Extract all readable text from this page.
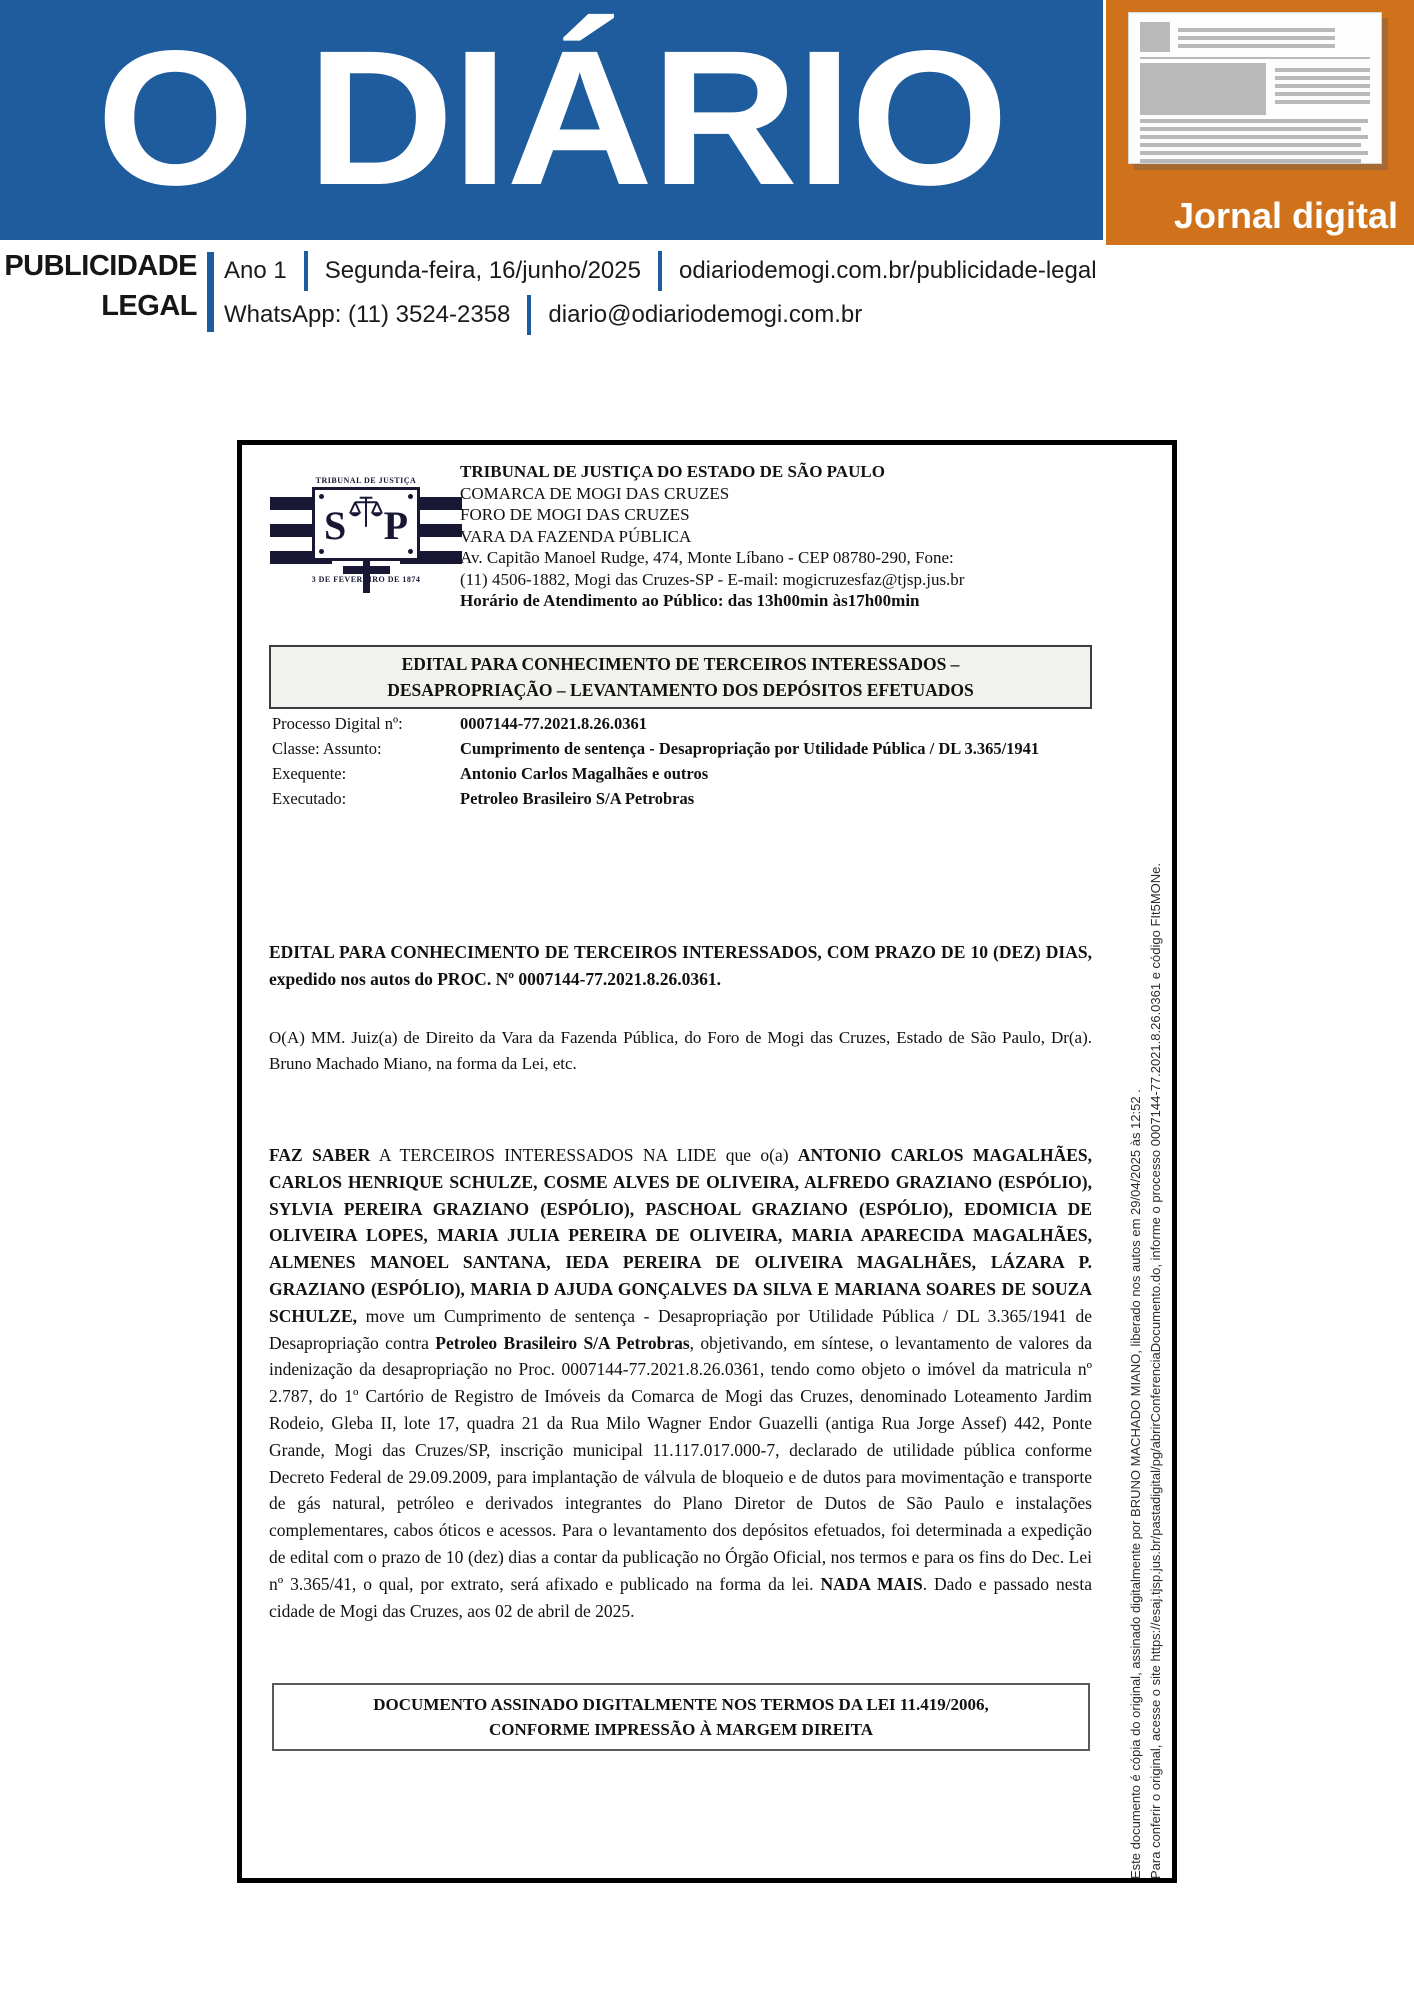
O DIÁRIO	Jornal digital
PUBLICIDADE
LEGAL
Ano 1 Segunda-feira, 16/junho/2025 odiariodemogi.com.br/publicidade-legal
WhatsApp: (11) 3524-2358 diario@odiariodemogi.com.br
TRIBUNAL DE JUSTIÇA
S P
3 DE FEVEREIRO DE 1874
TRIBUNAL DE JUSTIÇA DO ESTADO DE SÃO PAULO
COMARCA DE MOGI DAS CRUZES
FORO DE MOGI DAS CRUZES
VARA DA FAZENDA PÚBLICA
Av. Capitão Manoel Rudge, 474, Monte Líbano - CEP 08780-290, Fone:
(11) 4506-1882, Mogi das Cruzes-SP - E-mail: mogicruzesfaz@tjsp.jus.br
Horário de Atendimento ao Público: das 13h00min às17h00min
EDITAL PARA CONHECIMENTO DE TERCEIROS INTERESSADOS –
DESAPROPRIAÇÃO – LEVANTAMENTO DOS DEPÓSITOS EFETUADOS
Processo Digital nº:	0007144-77.2021.8.26.0361
Classe: Assunto:	Cumprimento de sentença - Desapropriação por Utilidade Pública / DL 3.365/1941
Exequente:	Antonio Carlos Magalhães e outros
Executado:	Petroleo Brasileiro S/A Petrobras
EDITAL PARA CONHECIMENTO DE TERCEIROS INTERESSADOS, COM PRAZO DE 10 (DEZ) DIAS, expedido nos autos do PROC. Nº 0007144-77.2021.8.26.0361.
O(A) MM. Juiz(a) de Direito da Vara da Fazenda Pública, do Foro de Mogi das Cruzes, Estado de São Paulo, Dr(a). Bruno Machado Miano, na forma da Lei, etc.
FAZ SABER A TERCEIROS INTERESSADOS NA LIDE que o(a) ANTONIO CARLOS MAGALHÃES, CARLOS HENRIQUE SCHULZE, COSME ALVES DE OLIVEIRA, ALFREDO GRAZIANO (ESPÓLIO), SYLVIA PEREIRA GRAZIANO (ESPÓLIO), PASCHOAL GRAZIANO (ESPÓLIO), EDOMICIA DE OLIVEIRA LOPES, MARIA JULIA PEREIRA DE OLIVEIRA, MARIA APARECIDA MAGALHÃES, ALMENES MANOEL SANTANA, IEDA PEREIRA DE OLIVEIRA MAGALHÃES, LÁZARA P. GRAZIANO (ESPÓLIO), MARIA D AJUDA GONÇALVES DA SILVA E MARIANA SOARES DE SOUZA SCHULZE, move um Cumprimento de sentença - Desapropriação por Utilidade Pública / DL 3.365/1941 de Desapropriação contra Petroleo Brasileiro S/A Petrobras, objetivando, em síntese, o levantamento de valores da indenização da desapropriação no Proc. 0007144-77.2021.8.26.0361, tendo como objeto o imóvel da matricula nº 2.787, do 1º Cartório de Registro de Imóveis da Comarca de Mogi das Cruzes, denominado Loteamento Jardim Rodeio, Gleba II, lote 17, quadra 21 da Rua Milo Wagner Endor Guazelli (antiga Rua Jorge Assef) 442, Ponte Grande, Mogi das Cruzes/SP, inscrição municipal 11.117.017.000-7, declarado de utilidade pública conforme Decreto Federal de 29.09.2009, para implantação de válvula de bloqueio e de dutos para movimentação e transporte de gás natural, petróleo e derivados integrantes do Plano Diretor de Dutos de São Paulo e instalações complementares, cabos óticos e acessos. Para o levantamento dos depósitos efetuados, foi determinada a expedição de edital com o prazo de 10 (dez) dias a contar da publicação no Órgão Oficial, nos termos e para os fins do Dec. Lei nº 3.365/41, o qual, por extrato, será afixado e publicado na forma da lei. NADA MAIS. Dado e passado nesta cidade de Mogi das Cruzes, aos 02 de abril de 2025.
DOCUMENTO ASSINADO DIGITALMENTE NOS TERMOS DA LEI 11.419/2006,
CONFORME IMPRESSÃO À MARGEM DIREITA	Este documento é cópia do original, assinado digitalmente por BRUNO MACHADO MIANO, liberado nos autos em 29/04/2025 às 12:52 . Para conferir o original, acesse o site https://esaj.tjsp.jus.br/pastadigital/pg/abrirConferenciaDocumento.do, informe o processo 0007144-77.2021.8.26.0361 e código FIt5MONe.
